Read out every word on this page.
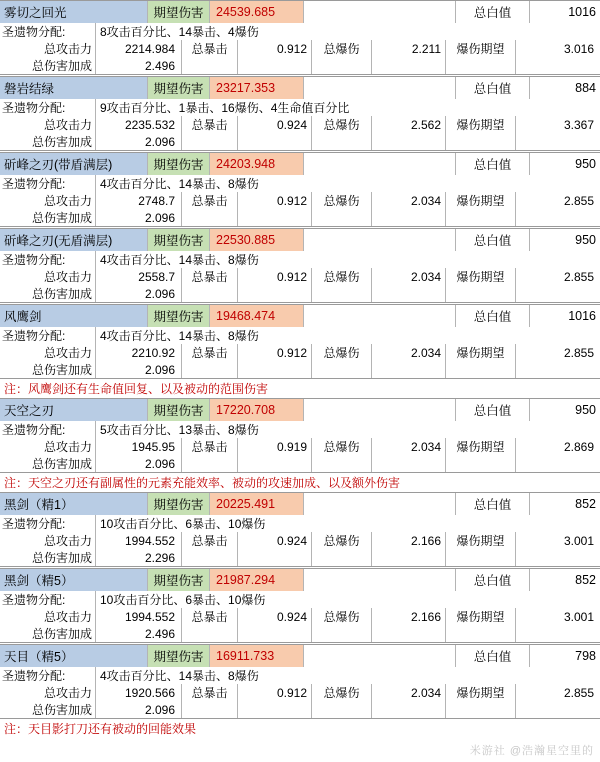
雾切之回光	期望伤害	24539.685	总白值	1016
圣遗物分配:	8攻击百分比、14暴击、4爆伤
总攻击力	2214.984	总暴击	0.912	总爆伤	2.211	爆伤期望	3.016
总伤害加成	2.496
磐岩结绿	期望伤害	23217.353	总白值	884
圣遗物分配:	9攻击百分比、1暴击、16爆伤、4生命值百分比
总攻击力	2235.532	总暴击	0.924	总爆伤	2.562	爆伤期望	3.367
总伤害加成	2.096
斫峰之刃(带盾满层)	期望伤害	24203.948	总白值	950
圣遗物分配:	4攻击百分比、14暴击、8爆伤
总攻击力	2748.7	总暴击	0.912	总爆伤	2.034	爆伤期望	2.855
总伤害加成	2.096
斫峰之刃(无盾满层)	期望伤害	22530.885	总白值	950
圣遗物分配:	4攻击百分比、14暴击、8爆伤
总攻击力	2558.7	总暴击	0.912	总爆伤	2.034	爆伤期望	2.855
总伤害加成	2.096
风鹰剑	期望伤害	19468.474	总白值	1016
圣遗物分配:	4攻击百分比、14暴击、8爆伤
总攻击力	2210.92	总暴击	0.912	总爆伤	2.034	爆伤期望	2.855
总伤害加成	2.096
注：风鹰剑还有生命值回复、以及被动的范围伤害
天空之刃	期望伤害	17220.708	总白值	950
圣遗物分配:	5攻击百分比、13暴击、8爆伤
总攻击力	1945.95	总暴击	0.919	总爆伤	2.034	爆伤期望	2.869
总伤害加成	2.096
注：天空之刃还有副属性的元素充能效率、被动的攻速加成、以及额外伤害
黑剑（精1）	期望伤害	20225.491	总白值	852
圣遗物分配:	10攻击百分比、6暴击、10爆伤
总攻击力	1994.552	总暴击	0.924	总爆伤	2.166	爆伤期望	3.001
总伤害加成	2.296
黑剑（精5）	期望伤害	21987.294	总白值	852
圣遗物分配:	10攻击百分比、6暴击、10爆伤
总攻击力	1994.552	总暴击	0.924	总爆伤	2.166	爆伤期望	3.001
总伤害加成	2.496
天目（精5）	期望伤害	16911.733	总白值	798
圣遗物分配:	4攻击百分比、14暴击、8爆伤
总攻击力	1920.566	总暴击	0.912	总爆伤	2.034	爆伤期望	2.855
总伤害加成	2.096
注：天目影打刀还有被动的回能效果
米游社 @浩瀚星空里的
